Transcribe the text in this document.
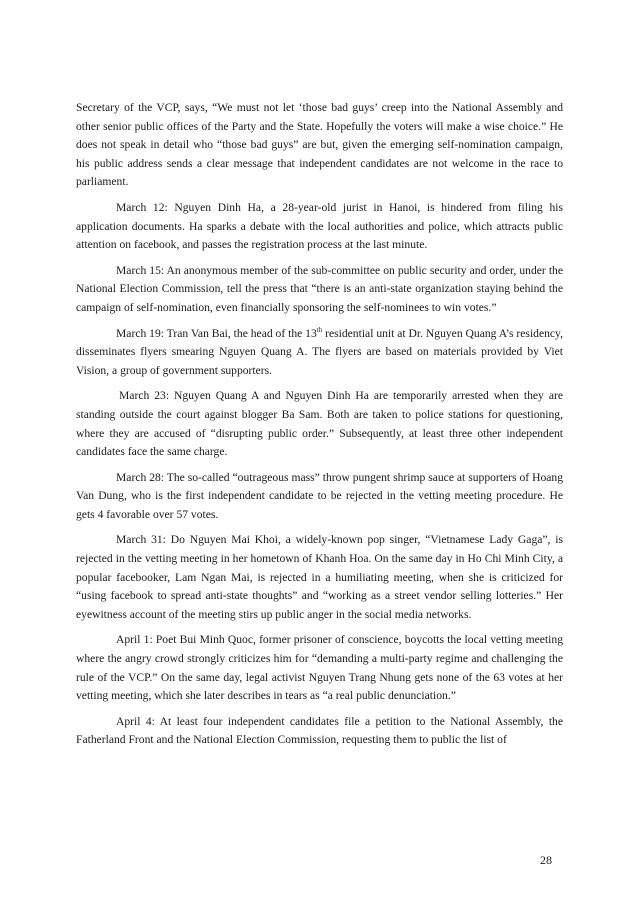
Secretary of the VCP, says, “We must not let ‘those bad guys’ creep into the National Assembly and other senior public offices of the Party and the State. Hopefully the voters will make a wise choice.” He does not speak in detail who “those bad guys” are but, given the emerging self-nomination campaign, his public address sends a clear message that independent candidates are not welcome in the race to parliament.

March 12: Nguyen Dinh Ha, a 28-year-old jurist in Hanoi, is hindered from filing his application documents. Ha sparks a debate with the local authorities and police, which attracts public attention on facebook, and passes the registration process at the last minute.

March 15: An anonymous member of the sub-committee on public security and order, under the National Election Commission, tell the press that “there is an anti-state organization staying behind the campaign of self-nomination, even financially sponsoring the self-nominees to win votes.”

March 19: Tran Van Bai, the head of the 13th residential unit at Dr. Nguyen Quang A’s residency, disseminates flyers smearing Nguyen Quang A. The flyers are based on materials provided by Viet Vision, a group of government supporters.

March 23: Nguyen Quang A and Nguyen Dinh Ha are temporarily arrested when they are standing outside the court against blogger Ba Sam. Both are taken to police stations for questioning, where they are accused of “disrupting public order.” Subsequently, at least three other independent candidates face the same charge.

March 28: The so-called “outrageous mass” throw pungent shrimp sauce at supporters of Hoang Van Dung, who is the first independent candidate to be rejected in the vetting meeting procedure. He gets 4 favorable over 57 votes.

March 31: Do Nguyen Mai Khoi, a widely-known pop singer, “Vietnamese Lady Gaga”, is rejected in the vetting meeting in her hometown of Khanh Hoa. On the same day in Ho Chi Minh City, a popular facebooker, Lam Ngan Mai, is rejected in a humiliating meeting, when she is criticized for “using facebook to spread anti-state thoughts” and “working as a street vendor selling lotteries.” Her eyewitness account of the meeting stirs up public anger in the social media networks.

April 1: Poet Bui Minh Quoc, former prisoner of conscience, boycotts the local vetting meeting where the angry crowd strongly criticizes him for “demanding a multi-party regime and challenging the rule of the VCP.” On the same day, legal activist Nguyen Trang Nhung gets none of the 63 votes at her vetting meeting, which she later describes in tears as “a real public denunciation.”

April 4: At least four independent candidates file a petition to the National Assembly, the Fatherland Front and the National Election Commission, requesting them to public the list of

28
